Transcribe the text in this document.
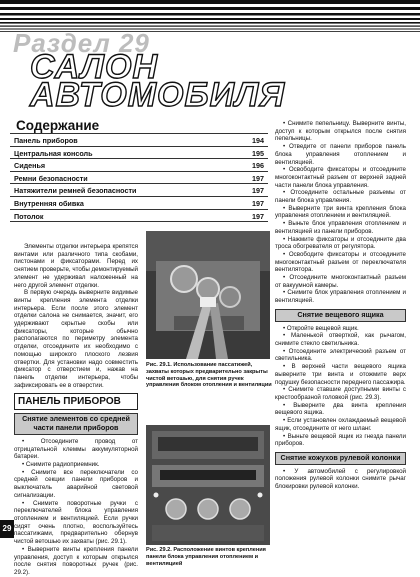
Раздел 29
САЛОН
АВТОМОБИЛЯ
Содержание
Панель приборов	194
Центральная консоль	195
Сиденья	196
Ремни безопасности	197
Натяжители ремней безопасности	197
Внутренняя обивка	197
Потолок	197

Элементы отделки интерьера крепятся винтами или различного типа скобами, пистонами и фиксаторами. Перед их снятием проверьте, чтобы демонтируемый элемент не удерживал наложенный на него другой элемент отделки.

В первую очередь выверните видимые винты крепления элемента отделки интерьера. Если после этого элемент отделки салона не снимается, значит, его удерживают скрытые скобы или фиксаторы, которые обычно располагаются по периметру элемента отделки, отсоедините их необходимо с помощью широкого плоского лезвия отвертки. Для установки надо совместить фиксатор с отверстием и, нажав на панель отделки интерьера, чтобы зафиксировать ее в отверстии.

ПАНЕЛЬ ПРИБОРОВ
Снятие элементов со средней части панели приборов

• Отсоедините провод от отрицательной клеммы аккумуляторной батареи.

• Снимите радиоприемник.

• Снимите все переключатели со средней секции панели приборов и выключатель аварийной световой сигнализации.

• Снимите поворотные ручки с переключателей блока управления отоплением и вентиляцией. Если ручки сидят очень плотно, воспользуйтесь пассатижами, предварительно обернув чистой ветошью их захваты (рис. 29.1).

• Выверните винты крепления панели управления, доступ к которым открылся после снятия поворотных ручек (рис. 29.2).

Рис. 29.1. Использование пассатижей, захваты которых предварительно закрыты чистой ветошью, для снятия ручек управления блоком отопления и вентиляции
Рис. 29.2. Расположение винтов крепления панели блока управления отоплением и вентиляцией

• Снимите пепельницу. Выверните винты, доступ к которым открылся после снятия пепельницы.

• Отведите от панели приборов панель блока управления отоплением и вентиляцией.

• Освободите фиксаторы и отсоедините многоконтактный разъем от верхней задней части панели блока управления.

• Отсоедините остальные разъемы от панели блока управления.

• Выверните три винта крепления блока управления отоплением и вентиляцией.

• Выньте блок управления отоплением и вентиляцией из панели приборов.

• Нажмите фиксаторы и отсоедините два троса обогревателя от регулятора.

• Освободите фиксаторы и отсоедините многоконтактный разъем от переключателя вентилятора.

• Отсоедините многоконтактный разъем от вакуумной камеры.

• Снимите блок управления отоплением и вентиляцией.

Снятие вещевого ящика

• Откройте вещевой ящик.

• Маленькой отверткой, как рычагом, снимите стекло светильника.

• Отсоедините электрический разъем от светильника.

• В верхней части вещевого ящика выверните три винта и отожмите верх подушку безопасности переднего пассажира.

• Снимите ставшие доступными винты с крестообразной головкой (рис. 29.3).

• Выверните два винта крепления вещевого ящика.

• Если установлен охлаждаемый вещевой ящик, отсоедините от него шланг.

• Выньте вещевой ящик из гнезда панели приборов.

Снятие кожухов рулевой колонки

• У автомобилей с регулировкой положения рулевой колонки снимите рычаг блокировки рулевой колонки.

29
